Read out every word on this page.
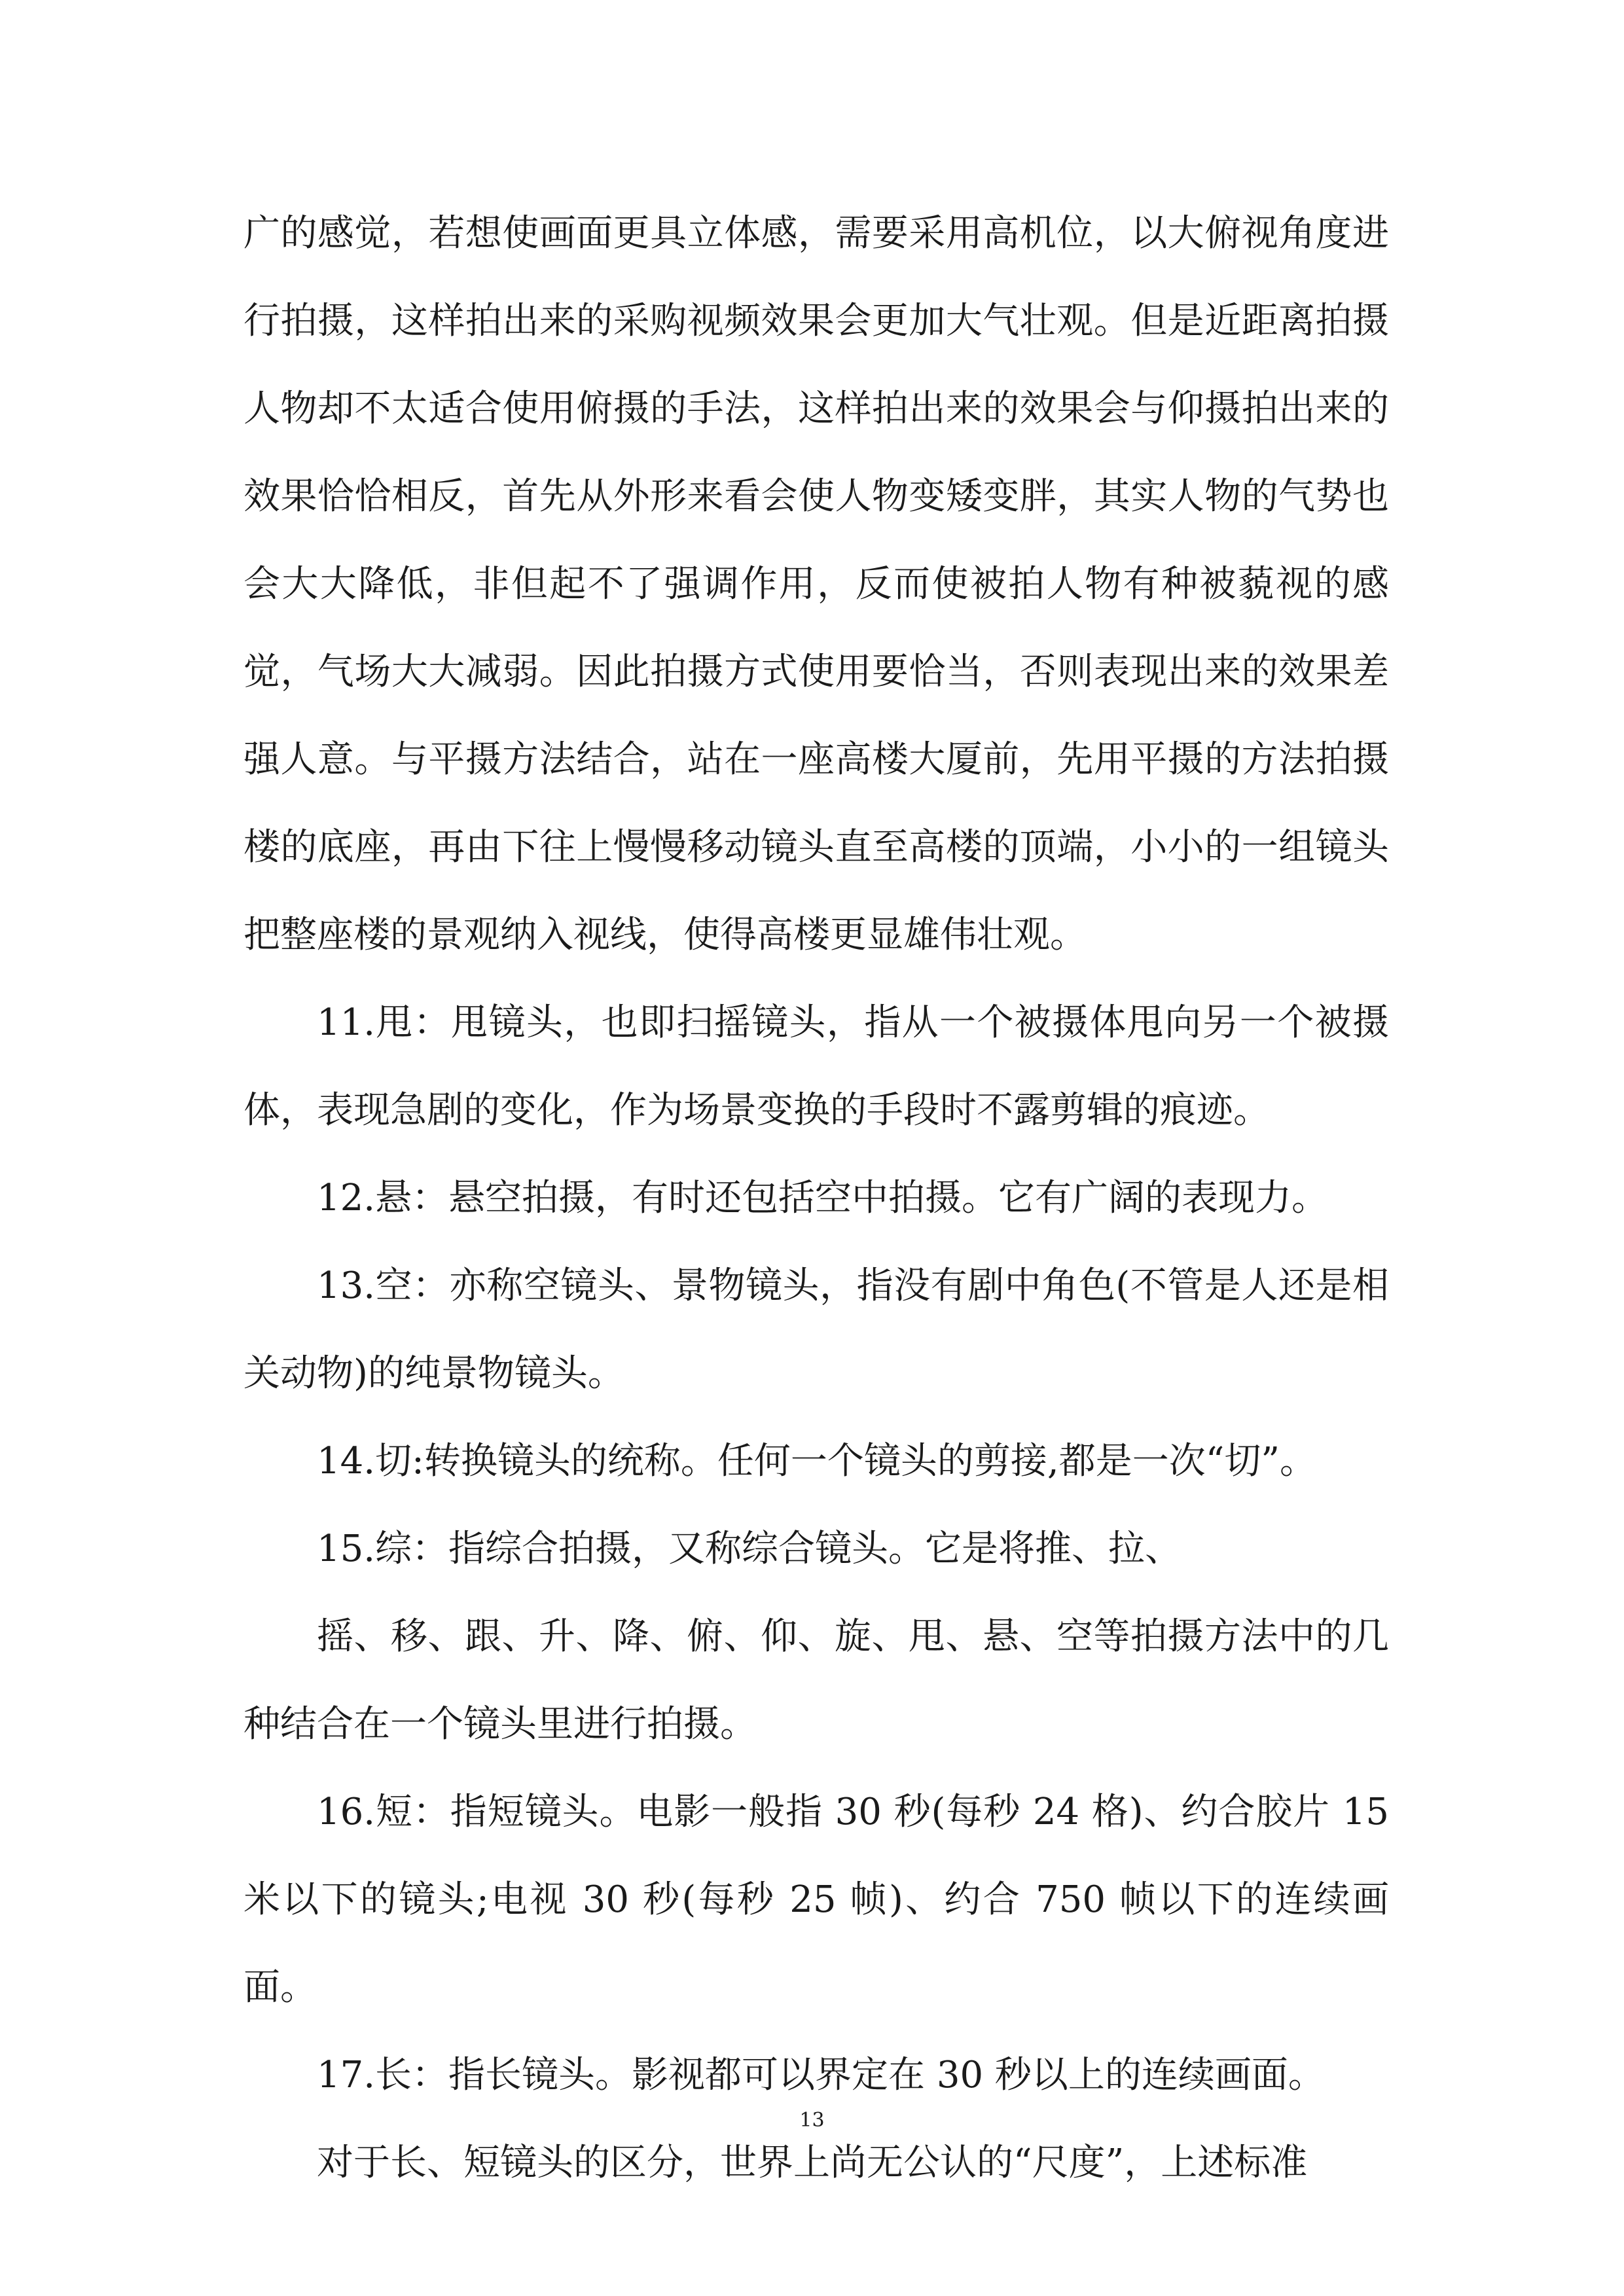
广的感觉，若想使画面更具立体感，需要采用高机位，以大俯视角度进行拍摄，这样拍出来的采购视频效果会更加大气壮观。但是近距离拍摄人物却不太适合使用俯摄的手法，这样拍出来的效果会与仰摄拍出来的效果恰恰相反，首先从外形来看会使人物变矮变胖，其实人物的气势也会大大降低，非但起不了强调作用，反而使被拍人物有种被藐视的感觉，气场大大减弱。因此拍摄方式使用要恰当，否则表现出来的效果差强人意。与平摄方法结合，站在一座高楼大厦前，先用平摄的方法拍摄楼的底座，再由下往上慢慢移动镜头直至高楼的顶端，小小的一组镜头把整座楼的景观纳入视线，使得高楼更显雄伟壮观。

11.甩：甩镜头，也即扫摇镜头，指从一个被摄体甩向另一个被摄体，表现急剧的变化，作为场景变换的手段时不露剪辑的痕迹。

12.悬：悬空拍摄，有时还包括空中拍摄。它有广阔的表现力。

13.空：亦称空镜头、景物镜头，指没有剧中角色(不管是人还是相关动物)的纯景物镜头。

14.切:转换镜头的统称。任何一个镜头的剪接,都是一次“切”。

15.综：指综合拍摄，又称综合镜头。它是将推、拉、

摇、移、跟、升、降、俯、仰、旋、甩、悬、空等拍摄方法中的几种结合在一个镜头里进行拍摄。

16.短：指短镜头。电影一般指 30 秒(每秒 24 格)、约合胶片 15 米以下的镜头;电视 30 秒(每秒 25 帧)、约合 750 帧以下的连续画面。

17.长：指长镜头。影视都可以界定在 30 秒以上的连续画面。

对于长、短镜头的区分，世界上尚无公认的“尺度”，上述标准

13
